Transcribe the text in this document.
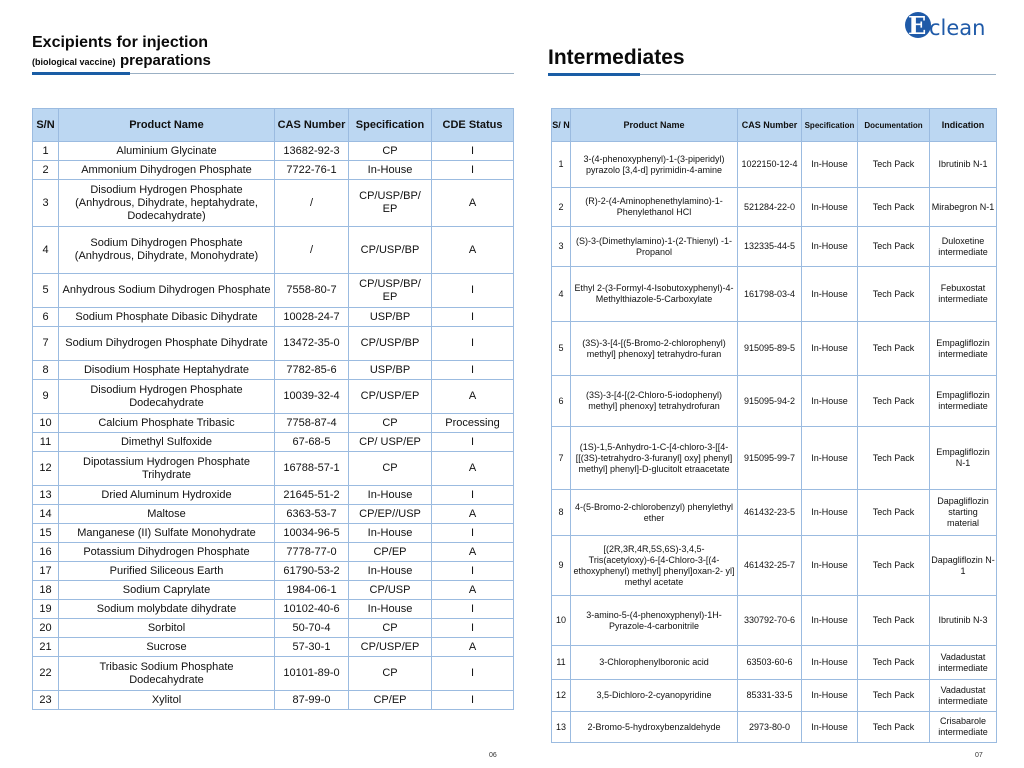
Excipients for injection
(biological vaccine) preparations	Intermediates
E clean
S/N	Product Name	CAS Number	Specification	CDE Status
1	Aluminium Glycinate	13682-92-3	CP	I
2	Ammonium Dihydrogen Phosphate	7722-76-1	In-House	I
3	Disodium Hydrogen Phosphate (Anhydrous, Dihydrate, heptahydrate, Dodecahydrate)	/	CP/USP/BP/ EP	A
4	Sodium Dihydrogen Phosphate (Anhydrous, Dihydrate, Monohydrate)	/	CP/USP/BP	A
5	Anhydrous Sodium Dihydrogen Phosphate	7558-80-7	CP/USP/BP/ EP	I
6	Sodium Phosphate Dibasic Dihydrate	10028-24-7	USP/BP	I
7	Sodium Dihydrogen Phosphate Dihydrate	13472-35-0	CP/USP/BP	I
8	Disodium Hosphate Heptahydrate	7782-85-6	USP/BP	I
9	Disodium Hydrogen Phosphate Dodecahydrate	10039-32-4	CP/USP/EP	A
10	Calcium Phosphate Tribasic	7758-87-4	CP	Processing
11	Dimethyl Sulfoxide	67-68-5	CP/ USP/EP	I
12	Dipotassium Hydrogen Phosphate Trihydrate	16788-57-1	CP	A
13	Dried Aluminum Hydroxide	21645-51-2	In-House	I
14	Maltose	6363-53-7	CP/EP//USP	A
15	Manganese (II) Sulfate Monohydrate	10034-96-5	In-House	I
16	Potassium Dihydrogen Phosphate	7778-77-0	CP/EP	A
17	Purified Siliceous Earth	61790-53-2	In-House	I
18	Sodium Caprylate	1984-06-1	CP/USP	A
19	Sodium molybdate dihydrate	10102-40-6	In-House	I
20	Sorbitol	50-70-4	CP	I
21	Sucrose	57-30-1	CP/USP/EP	A
22	Tribasic Sodium Phosphate Dodecahydrate	10101-89-0	CP	I
23	Xylitol	87-99-0	CP/EP	I
S/ N	Product Name	CAS Number	Specification	Documentation	Indication
1	3-(4-phenoxyphenyl)-1-(3-piperidyl) pyrazolo [3,4-d] pyrimidin-4-amine	1022150-12-4	In-House	Tech Pack	Ibrutinib N-1
2	(R)-2-(4-Aminophenethylamino)-1-Phenylethanol HCl	521284-22-0	In-House	Tech Pack	Mirabegron N-1
3	(S)-3-(Dimethylamino)-1-(2-Thienyl) -1-Propanol	132335-44-5	In-House	Tech Pack	Duloxetine intermediate
4	Ethyl 2-(3-Formyl-4-Isobutoxyphenyl)-4-Methylthiazole-5-Carboxylate	161798-03-4	In-House	Tech Pack	Febuxostat intermediate
5	(3S)-3-[4-[(5-Bromo-2-chlorophenyl) methyl] phenoxy] tetrahydro-furan	915095-89-5	In-House	Tech Pack	Empagliflozin intermediate
6	(3S)-3-[4-[(2-Chloro-5-iodophenyl) methyl] phenoxy] tetrahydrofuran	915095-94-2	In-House	Tech Pack	Empagliflozin intermediate
7	(1S)-1,5-Anhydro-1-C-[4-chloro-3-[[4-[[(3S)-tetrahydro-3-furanyl] oxy] phenyl] methyl] phenyl]-D-glucitolt etraacetate	915095-99-7	In-House	Tech Pack	Empagliflozin N-1
8	4-(5-Bromo-2-chlorobenzyl) phenylethyl ether	461432-23-5	In-House	Tech Pack	Dapagliflozin starting material
9	[(2R,3R,4R,5S,6S)-3,4,5-Tris(acetyloxy)-6-[4-Chloro-3-[(4-ethoxyphenyl) methyl] phenyl]oxan-2- yl] methyl acetate	461432-25-7	In-House	Tech Pack	Dapagliflozin N-1
10	3-amino-5-(4-phenoxyphenyl)-1H-Pyrazole-4-carbonitrile	330792-70-6	In-House	Tech Pack	Ibrutinib N-3
11	3-Chlorophenylboronic acid	63503-60-6	In-House	Tech Pack	Vadadustat intermediate
12	3,5-Dichloro-2-cyanopyridine	85331-33-5	In-House	Tech Pack	Vadadustat intermediate
13	2-Bromo-5-hydroxybenzaldehyde	2973-80-0	In-House	Tech Pack	Crisabarole intermediate
06	07
